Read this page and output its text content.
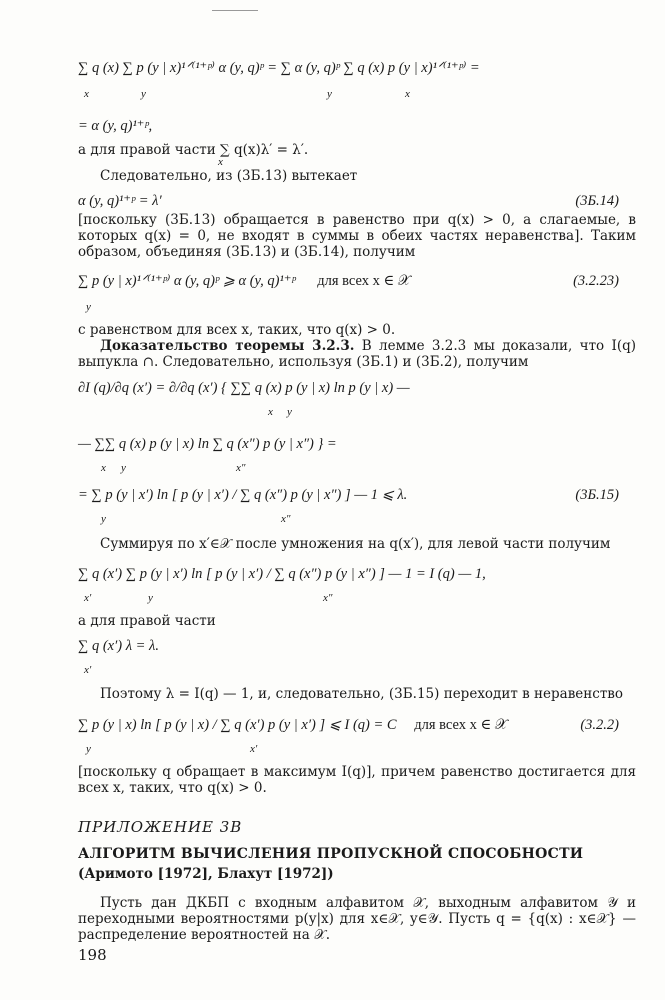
∑ q (x) ∑ p (y | x)¹ᐟ⁽¹⁺ᵖ⁾ α (y, q)ᵖ = ∑ α (y, q)ᵖ ∑ q (x) p (y | x)¹ᐟ⁽¹⁺ᵖ⁾ =
x	y	y	x
= α (y, q)¹⁺ᵖ,
а для правой части ∑ q(x)λ′ = λ′.
x
Следовательно, из (3Б.13) вытекает
α (y, q)¹⁺ᵖ = λ′	(3Б.14)
[поскольку (3Б.13) обращается в равенство при q(x) > 0, а слагаемые, в которых q(x) = 0, не входят в суммы в обеих частях неравенства]. Таким образом, объединяя (3Б.13) и (3Б.14), получим
∑ p (y | x)¹ᐟ⁽¹⁺ᵖ⁾ α (y, q)ᵖ ⩾ α (y, q)¹⁺ᵖ для всех x ∈ 𝒳	(3.2.23)
y
с равенством для всех x, таких, что q(x) > 0.
Доказательство теоремы 3.2.3. В лемме 3.2.3 мы доказали, что I(q) выпукла ∩. Следовательно, используя (3Б.1) и (3Б.2), получим
∂I (q)/∂q (x′) = ∂/∂q (x′) { ∑∑ q (x) p (y | x) ln p (y | x) —
x y
— ∑∑ q (x) p (y | x) ln ∑ q (x″) p (y | x″) } =
x y	x″
= ∑ p (y | x′) ln [ p (y | x′) / ∑ q (x″) p (y | x″) ] — 1 ⩽ λ.	(3Б.15)
y	x″
Суммируя по x′∈𝒳 после умножения на q(x′), для левой части получим
∑ q (x′) ∑ p (y | x′) ln [ p (y | x′) / ∑ q (x″) p (y | x″) ] — 1 = I (q) — 1,
x′	y	x″
а для правой части
∑ q (x′) λ = λ.
x′
Поэтому λ = I(q) — 1, и, следовательно, (3Б.15) переходит в неравенство
∑ p (y | x) ln [ p (y | x) / ∑ q (x′) p (y | x′) ] ⩽ I (q) = C для всех x ∈ 𝒳	(3.2.2)
y	x′
[поскольку q обращает в максимум I(q)], причем равенство достигается для всех x, таких, что q(x) > 0.
ПРИЛОЖЕНИЕ 3В
АЛГОРИТМ ВЫЧИСЛЕНИЯ ПРОПУСКНОЙ СПОСОБНОСТИ
(Аримото [1972], Блахут [1972])
Пусть дан ДКБП с входным алфавитом 𝒳, выходным алфавитом 𝒴 и переходными вероятностями p(y|x) для x∈𝒳, y∈𝒴. Пусть q = {q(x) : x∈𝒳} — распределение вероятностей на 𝒳.
198
